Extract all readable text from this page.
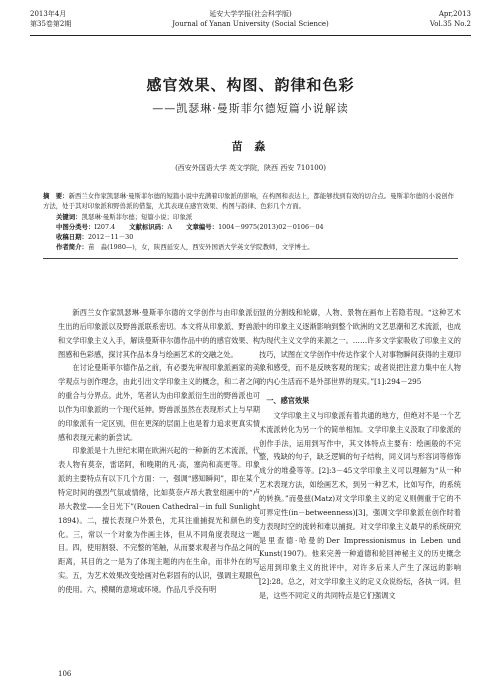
2013年4月
第35卷第2期
延安大学学报(社会科学版)
Journal of Yanan University (Social Science)
Apr,2013
Vol.35 No.2
感官效果、构图、韵律和色彩
——凯瑟琳·曼斯菲尔德短篇小说解读
苗 淼
(西安外国语大学 英文学院，陕西 西安 710100)
摘　要：新西兰女作家凯瑟琳·曼斯菲尔德的短篇小说中充满着印象派的影响，在构图和表达上，都能够找到有效的切合点。曼斯菲尔德的小说创作方法，处于其对印象派和野兽派的借鉴，尤其表现在感官效果、构图与韵律、色彩几个方面。
关键词：凯瑟琳·曼斯菲尔德；短篇小说；印象派
中图分类号：I207.4 文献标识码：A 文章编号：1004－9975(2013)02－0106－04
收稿日期：2012－11－30
作者简介：苗　淼(1980—)，女，陕西延安人，西安外国语大学英文学院教师，文学博士。

新西兰女作家凯瑟琳·曼斯菲尔德的文学创作与由印象派衍生出的后印象派以及野兽派联系密切。本文将从印象派、野兽派和文学印象主义入手，解读曼斯菲尔德作品中的的感官效果、构图感和色彩感，探讨其作品本身与绘画艺术的交融之处。

在讨论曼斯菲尔德作品之前，有必要先审视印象派画家的美学观点与创作理念，由此引出文学印象主义的概念，和二者之间的重合与分界点。此外，笔者认为由印象派衍生出的野兽派也可以作为印象派的一个现代延伸。野兽派虽然在表现形式上与早期的印象派有一定区别，但在更深的层面上也是着力追求更真实情感和表现元素的新尝试。

印象派是十九世纪末期在欧洲兴起的一种新的艺术流派，代表人物有莫奈，雷诺阿，和晚期的凡·高，塞尚和高更等。印象派的主要特点有以下几个方面：一，强调“感知瞬间”，即在某个特定时间的强烈气氛或情绪，比如莫奈卢昂大教堂组画中的“卢昂大教堂——全日光下”(Rouen Cathedral－in full Sunlight 1894)。二，擅长表现户外景色，尤其注重捕捉光和颜色的变化。三，常以一个对象为作画主体，但从不同角度表现这一题目。四，使用割裂、不完整的笔触，从而要求观者与作品之间的距离，其目的之一是为了体现主题的内在生命，而非外在的写实。五，为艺术效果改变绘画对色彩固有的认识，强调主观眼色的使用。六，模糊的意境或环境。作品几乎没有明

显的分割线和轮廓，人物、景物在画布上若隐若现。“这种艺术中的印象主义逐渐影响到整个欧洲的文艺思潮和艺术流派，也成为现代主义文学的来源之一。……许多文学家吸收了印象主义的技巧，试图在文学创作中传达作家个人对事物瞬间获得的主观印象和感受，而不是反映客观的现实；或者说把注意力集中在人物的内心生活而不是外部世界的现实。”[1]:294－295

一、感官效果

文学印象主义与印象派有着共通的地方，但绝对不是一个艺术流派转化为另一个的简单相加。文学印象主义汲取了印象派的创作手法，运用到写作中，其文体特点主要有：绘画般的不完整，残缺的句子，缺乏逻辑的句子结构，同义词与形容词等修饰成分的堆叠等等。[2]:3－45文学印象主义可以理解为“从一种艺术表现方法，如绘画艺术，到另一种艺术，比如写作，的系统的转换。”而曼兹(Matz)对文学印象主义的定义则侧重于它的不可界定性(in－betweenness)[3]，强调文学印象派在创作时着力表现时空的流转和难以捕捉。对文学印象主义最早的系统研究是里查德·哈曼的Der Impressionismus in Leben und Kunst(1907)。他来完善一种道德和轮回神秘主义的历史概念运用到印象主义的批评中，对许多后来人产生了深远的影响[2]:28。总之，对文学印象主义的定义众说纷纭，各执一词。但是，这些不同定义的共同特点是它们强调文

106
